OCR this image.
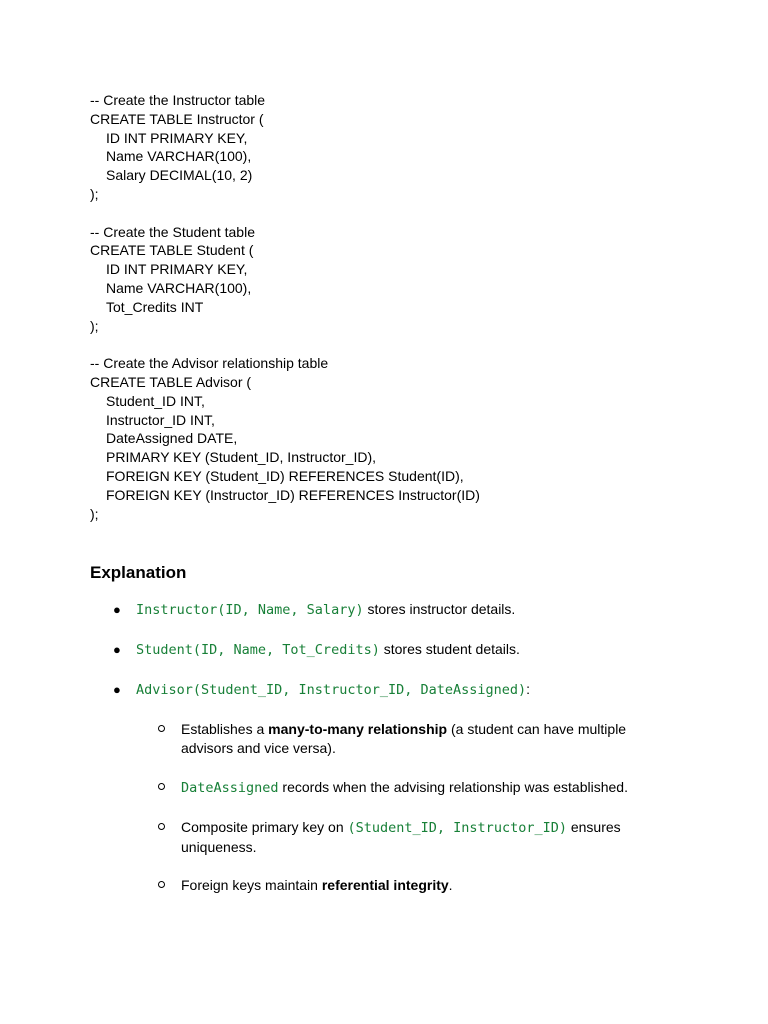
-- Create the Instructor table
CREATE TABLE Instructor (
ID INT PRIMARY KEY,
Name VARCHAR(100),
Salary DECIMAL(10, 2)
);
-- Create the Student table
CREATE TABLE Student (
ID INT PRIMARY KEY,
Name VARCHAR(100),
Tot_Credits INT
);
-- Create the Advisor relationship table
CREATE TABLE Advisor (
Student_ID INT,
Instructor_ID INT,
DateAssigned DATE,
PRIMARY KEY (Student_ID, Instructor_ID),
FOREIGN KEY (Student_ID) REFERENCES Student(ID),
FOREIGN KEY (Instructor_ID) REFERENCES Instructor(ID)
);
Explanation
●	Instructor(ID, Name, Salary) stores instructor details.
●	Student(ID, Name, Tot_Credits) stores student details.
●	Advisor(Student_ID, Instructor_ID, DateAssigned):
Establishes a many-to-many relationship (a student can have multiple advisors and vice versa).
DateAssigned records when the advising relationship was established.
Composite primary key on (Student_ID, Instructor_ID) ensures uniqueness.
Foreign keys maintain referential integrity.
